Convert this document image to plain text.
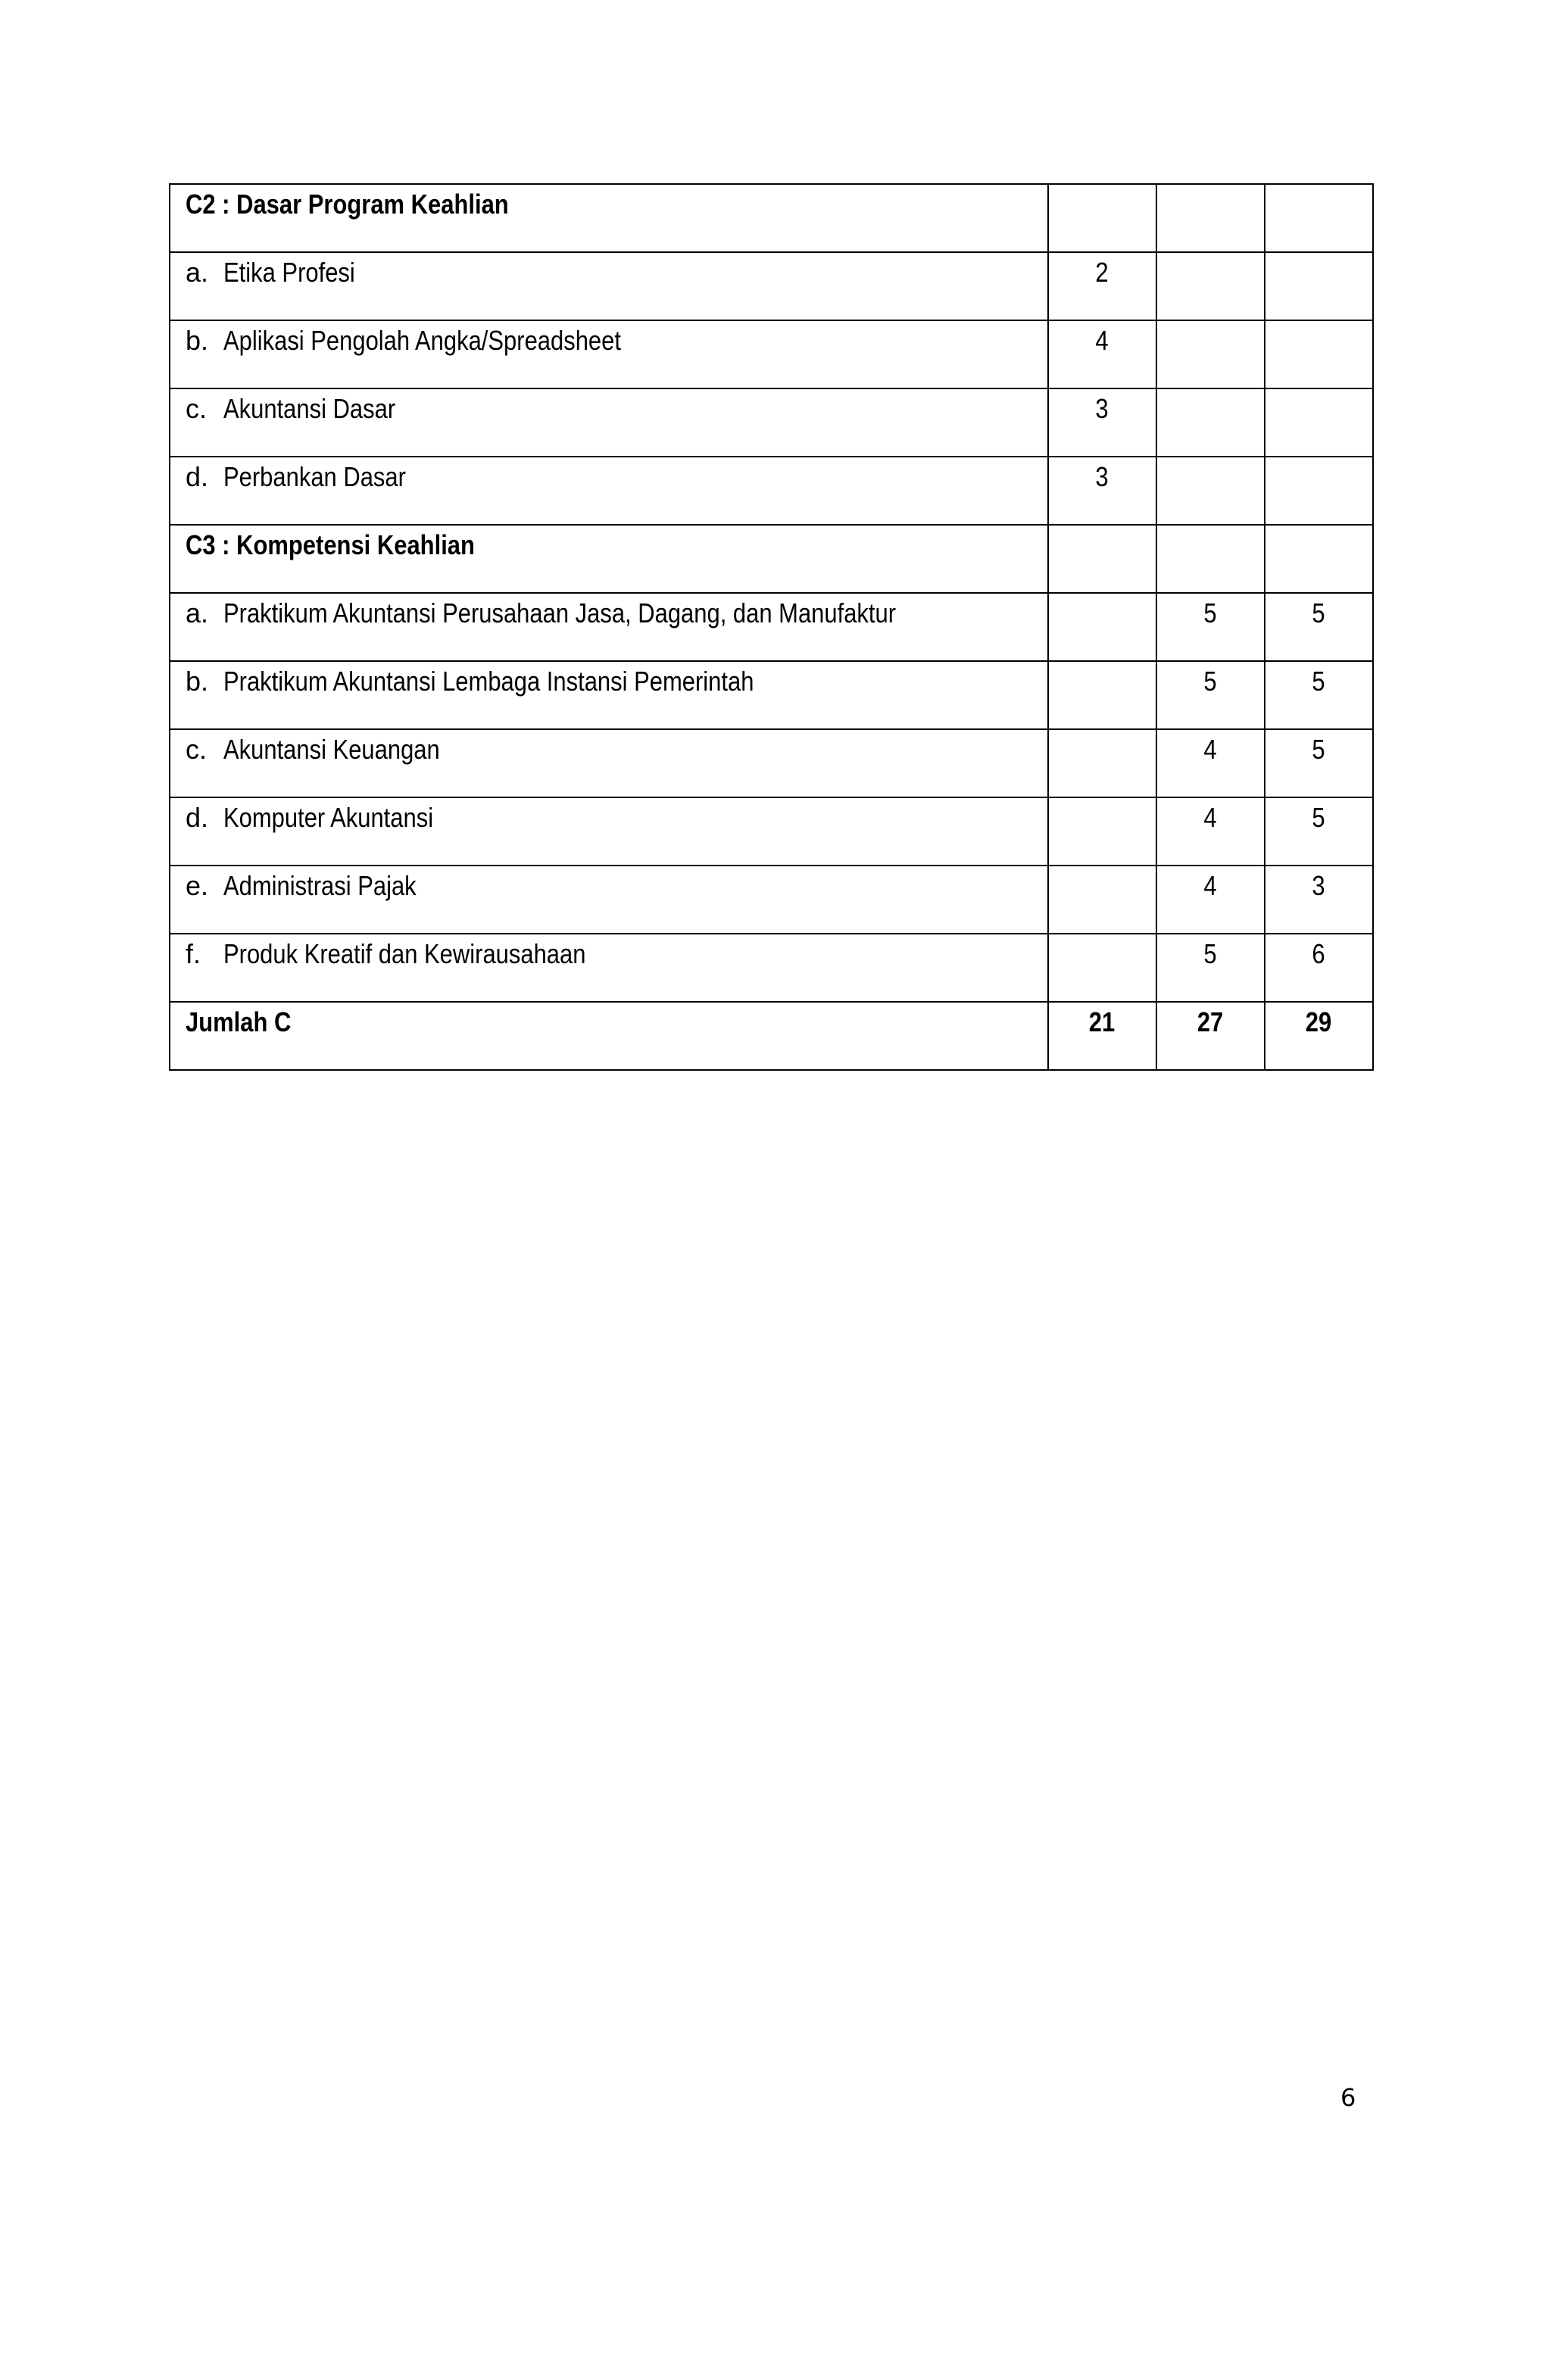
C2 : Dasar Program Keahlian			

a. Etika Profesi	2		

b. Aplikasi Pengolah Angka/Spreadsheet	4		

c. Akuntansi Dasar	3		

d. Perbankan Dasar	3		
C3 : Kompetensi Keahlian			

a. Praktikum Akuntansi Perusahaan Jasa, Dagang, dan Manufaktur		5	5

b. Praktikum Akuntansi Lembaga Instansi Pemerintah		5	5

c. Akuntansi Keuangan		4	5

d. Komputer Akuntansi		4	5

e. Administrasi Pajak		4	3

f. Produk Kreatif dan Kewirausahaan		5	6
Jumlah C	21	27	29
6
